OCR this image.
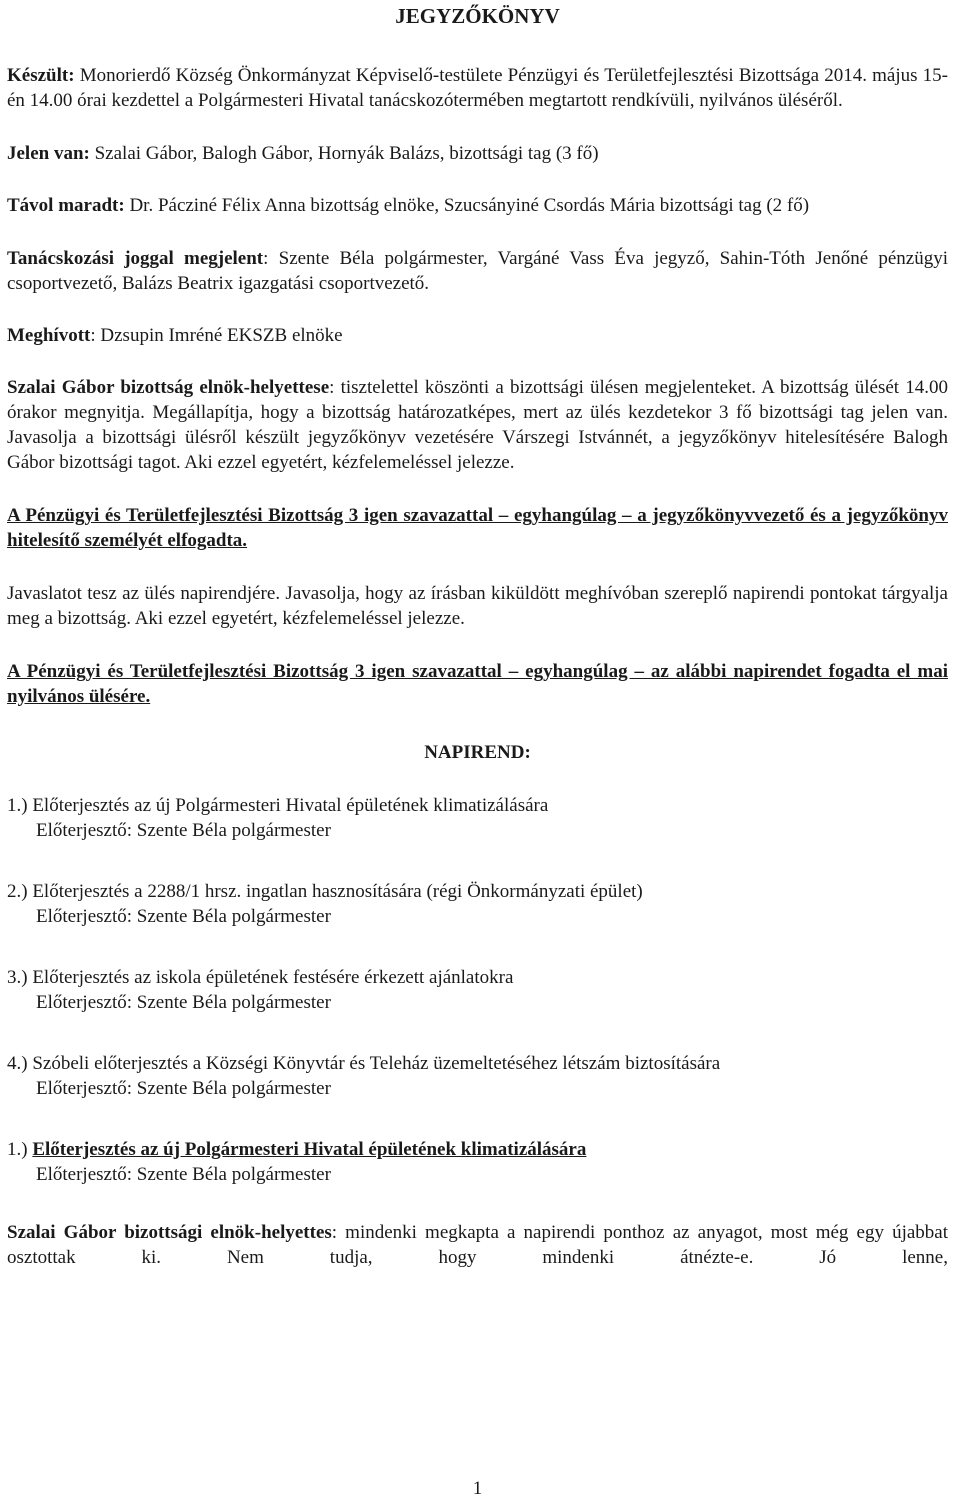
JEGYZŐKÖNYV

Készült: Monorierdő Község Önkormányzat Képviselő-testülete Pénzügyi és Területfejlesztési Bizottsága 2014. május 15-én 14.00 órai kezdettel a Polgármesteri Hivatal tanácskozótermében megtartott rendkívüli, nyilvános üléséről.

Jelen van: Szalai Gábor, Balogh Gábor, Hornyák Balázs, bizottsági tag (3 fő)

Távol maradt: Dr. Pácziné Félix Anna bizottság elnöke, Szucsányiné Csordás Mária bizottsági tag (2 fő)

Tanácskozási joggal megjelent: Szente Béla polgármester, Vargáné Vass Éva jegyző, Sahin-Tóth Jenőné pénzügyi csoportvezető, Balázs Beatrix igazgatási csoportvezető.

Meghívott: Dzsupin Imréné EKSZB elnöke

Szalai Gábor bizottság elnök-helyettese: tisztelettel köszönti a bizottsági ülésen megjelenteket. A bizottság ülését 14.00 órakor megnyitja. Megállapítja, hogy a bizottság határozatképes, mert az ülés kezdetekor 3 fő bizottsági tag jelen van. Javasolja a bizottsági ülésről készült jegyzőkönyv vezetésére Várszegi Istvánnét, a jegyzőkönyv hitelesítésére Balogh Gábor bizottsági tagot. Aki ezzel egyetért, kézfelemeléssel jelezze.

A Pénzügyi és Területfejlesztési Bizottság 3 igen szavazattal – egyhangúlag – a jegyzőkönyvvezető és a jegyzőkönyv hitelesítő személyét elfogadta.

Javaslatot tesz az ülés napirendjére. Javasolja, hogy az írásban kiküldött meghívóban szereplő napirendi pontokat tárgyalja meg a bizottság. Aki ezzel egyetért, kézfelemeléssel jelezze.

A Pénzügyi és Területfejlesztési Bizottság 3 igen szavazattal – egyhangúlag – az alábbi napirendet fogadta el mai nyilvános ülésére.

NAPIREND:

1.) Előterjesztés az új Polgármesteri Hivatal épületének klimatizálására

Előterjesztő: Szente Béla polgármester

2.) Előterjesztés a 2288/1 hrsz. ingatlan hasznosítására (régi Önkormányzati épület)

Előterjesztő: Szente Béla polgármester

3.) Előterjesztés az iskola épületének festésére érkezett ajánlatokra

Előterjesztő: Szente Béla polgármester

4.) Szóbeli előterjesztés a Községi Könyvtár és Teleház üzemeltetéséhez létszám biztosítására

Előterjesztő: Szente Béla polgármester

1.) Előterjesztés az új Polgármesteri Hivatal épületének klimatizálására

Előterjesztő: Szente Béla polgármester

Szalai Gábor bizottsági elnök-helyettes: mindenki megkapta a napirendi ponthoz az anyagot, most még egy újabbat osztottak ki. Nem tudja, hogy mindenki átnézte-e. Jó lenne,

1
